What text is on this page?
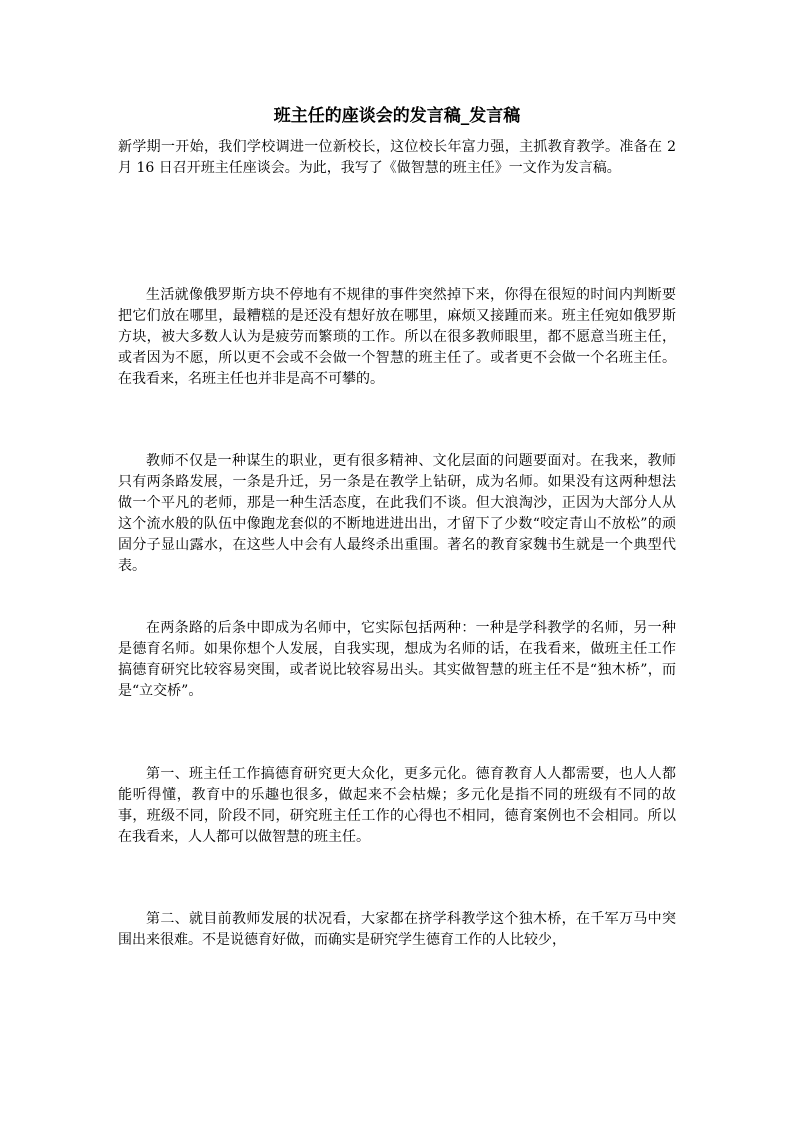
班主任的座谈会的发言稿_发言稿

新学期一开始，我们学校调进一位新校长，这位校长年富力强，主抓教育教学。准备在 2 月 16 日召开班主任座谈会。为此，我写了《做智慧的班主任》一文作为发言稿。

生活就像俄罗斯方块不停地有不规律的事件突然掉下来，你得在很短的时间内判断要把它们放在哪里，最糟糕的是还没有想好放在哪里，麻烦又接踵而来。班主任宛如俄罗斯方块，被大多数人认为是疲劳而繁琐的工作。所以在很多教师眼里，都不愿意当班主任，或者因为不愿，所以更不会或不会做一个智慧的班主任了。或者更不会做一个名班主任。在我看来，名班主任也并非是高不可攀的。

教师不仅是一种谋生的职业，更有很多精神、文化层面的问题要面对。在我来，教师只有两条路发展，一条是升迁，另一条是在教学上钻研，成为名师。如果没有这两种想法做一个平凡的老师，那是一种生活态度，在此我们不谈。但大浪淘沙，正因为大部分人从这个流水般的队伍中像跑龙套似的不断地进进出出，才留下了少数“咬定青山不放松”的顽固分子显山露水，在这些人中会有人最终杀出重围。著名的教育家魏书生就是一个典型代表。

在两条路的后条中即成为名师中，它实际包括两种：一种是学科教学的名师，另一种是德育名师。如果你想个人发展，自我实现，想成为名师的话，在我看来，做班主任工作搞德育研究比较容易突围，或者说比较容易出头。其实做智慧的班主任不是“独木桥”，而是“立交桥”。

第一、班主任工作搞德育研究更大众化，更多元化。德育教育人人都需要，也人人都能听得懂，教育中的乐趣也很多，做起来不会枯燥；多元化是指不同的班级有不同的故事，班级不同，阶段不同，研究班主任工作的心得也不相同，德育案例也不会相同。所以在我看来，人人都可以做智慧的班主任。

第二、就目前教师发展的状况看，大家都在挤学科教学这个独木桥，在千军万马中突围出来很难。不是说德育好做，而确实是研究学生德育工作的人比较少，
